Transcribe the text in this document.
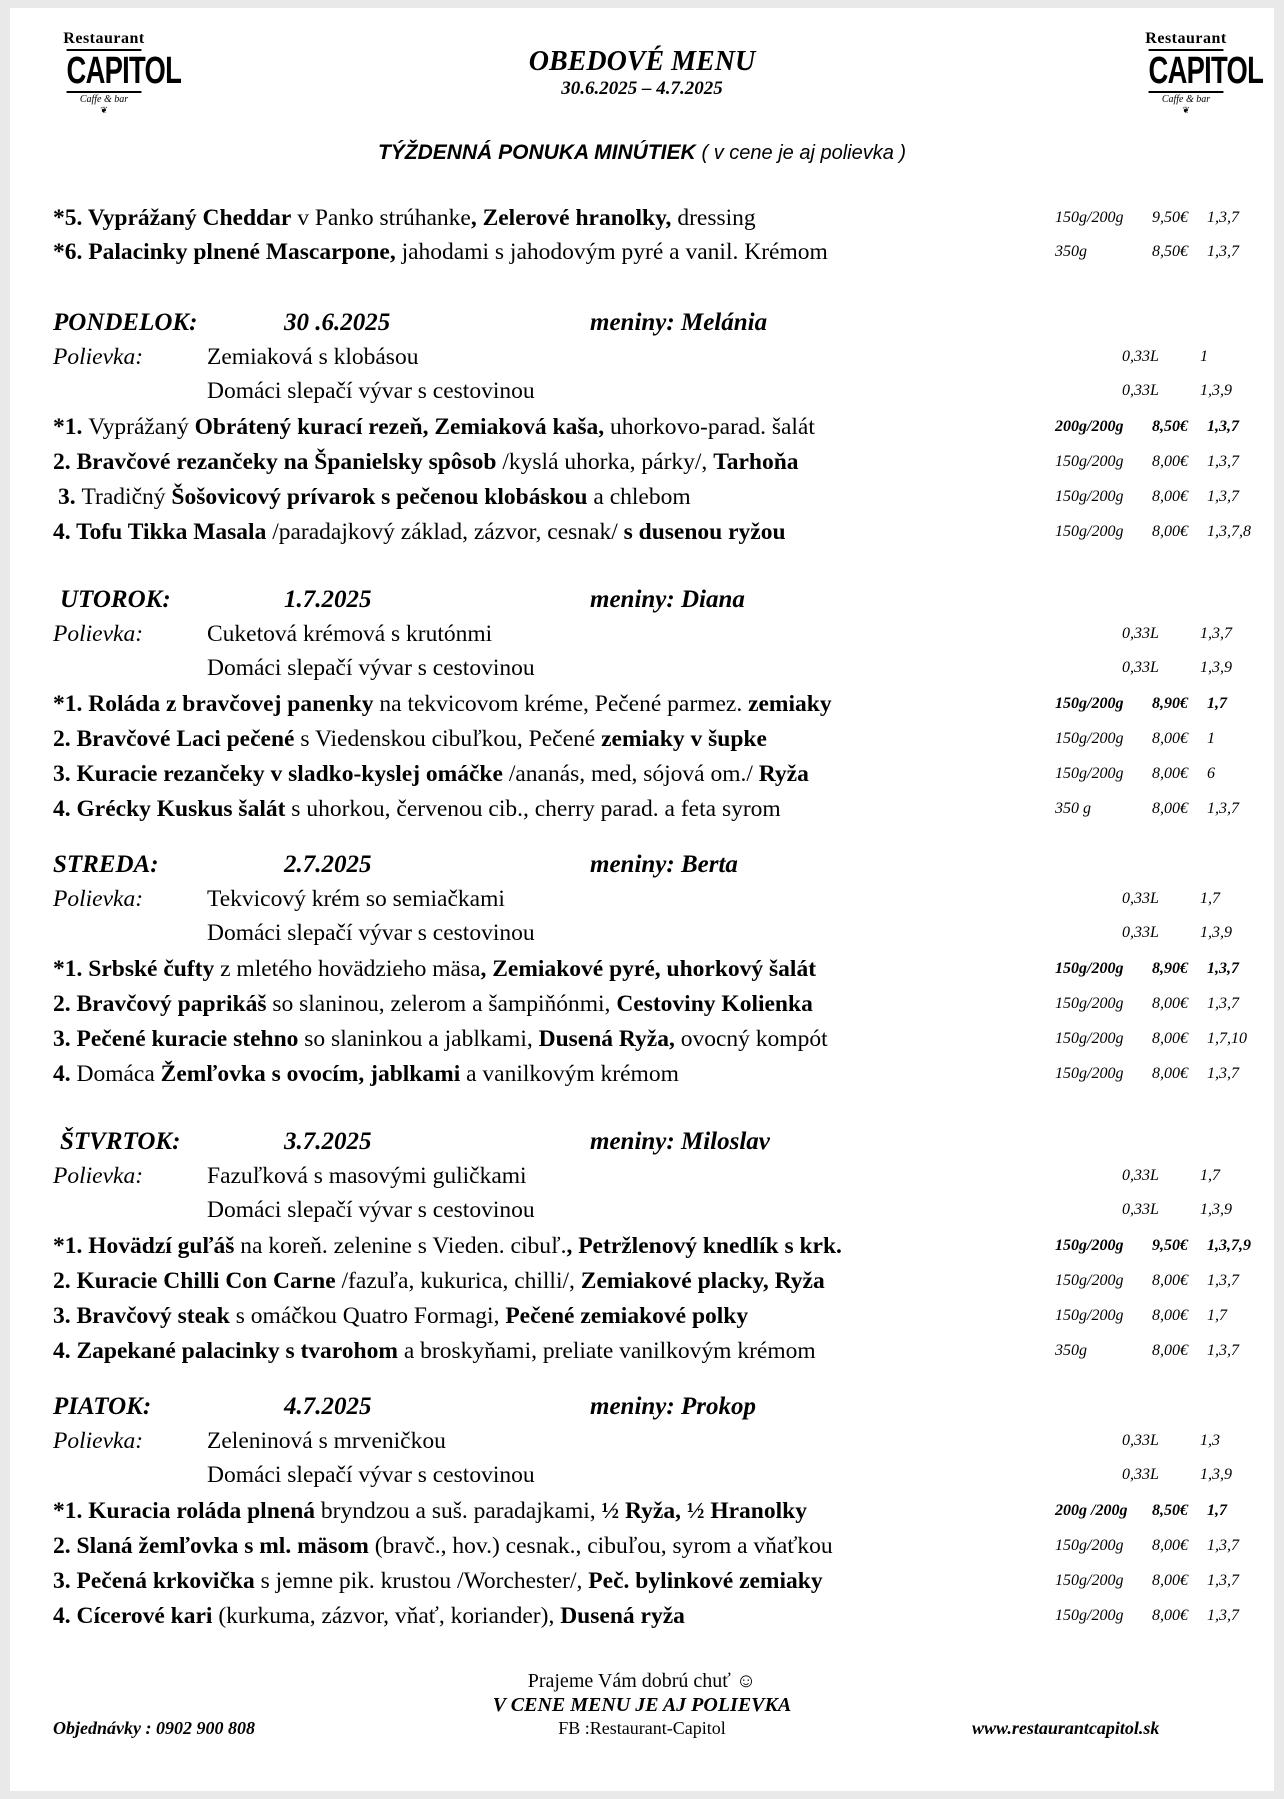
Restaurant
CAPITOL
Caffe & bar
❦
Restaurant
CAPITOL
Caffe & bar
❦
OBEDOVÉ MENU
30.6.2025 – 4.7.2025
TÝŽDENNÁ PONUKA MINÚTIEK ( v cene je aj polievka )
*5. Vyprážaný Cheddar v Panko strúhanke, Zelerové hranolky, dressing	150g/200g 9,50€ 1,3,7
*6. Palacinky plnené Mascarpone, jahodami s jahodovým pyré a vanil. Krémom	350g	8,50€ 1,3,7
PONDELOK:	30 .6.2025	meniny: Melánia
Polievka:	Zemiaková s klobásou	0,33L	1
Domáci slepačí vývar s cestovinou	0,33L	1,3,9
*1. Vyprážaný Obrátený kurací rezeň, Zemiaková kaša, uhorkovo-parad. šalát	200g/200g 8,50€ 1,3,7
2. Bravčové rezančeky na Španielsky spôsob /kyslá uhorka, párky/, Tarhoňa	150g/200g 8,00€ 1,3,7
3. Tradičný Šošovicový prívarok s pečenou klobáskou a chlebom	150g/200g 8,00€ 1,3,7
4. Tofu Tikka Masala /paradajkový základ, zázvor, cesnak/ s dusenou ryžou	150g/200g 8,00€ 1,3,7,8
UTOROK:	1.7.2025	meniny: Diana
Polievka:	Cuketová krémová s krutónmi	0,33L	1,3,7
Domáci slepačí vývar s cestovinou	0,33L	1,3,9
*1. Roláda z bravčovej panenky na tekvicovom kréme, Pečené parmez. zemiaky	150g/200g 8,90€ 1,7
2. Bravčové Laci pečené s Viedenskou cibuľkou, Pečené zemiaky v šupke	150g/200g 8,00€ 1
3. Kuracie rezančeky v sladko-kyslej omáčke /ananás, med, sójová om./ Ryža	150g/200g 8,00€ 6
4. Grécky Kuskus šalát s uhorkou, červenou cib., cherry parad. a feta syrom	350 g	8,00€ 1,3,7
STREDA:	2.7.2025	meniny: Berta
Polievka:	Tekvicový krém so semiačkami	0,33L	1,7
Domáci slepačí vývar s cestovinou	0,33L	1,3,9
*1. Srbské čufty z mletého hovädzieho mäsa, Zemiakové pyré, uhorkový šalát	150g/200g 8,90€ 1,3,7
2. Bravčový paprikáš so slaninou, zelerom a šampiňónmi, Cestoviny Kolienka	150g/200g 8,00€ 1,3,7
3. Pečené kuracie stehno so slaninkou a jablkami, Dusená Ryža, ovocný kompót	150g/200g 8,00€ 1,7,10
4. Domáca Žemľovka s ovocím, jablkami a vanilkovým krémom	150g/200g 8,00€ 1,3,7
ŠTVRTOK:	3.7.2025	meniny: Miloslav
Polievka:	Fazuľková s masovými guličkami	0,33L	1,7
Domáci slepačí vývar s cestovinou	0,33L	1,3,9
*1. Hovädzí guľáš na koreň. zelenine s Vieden. cibuľ., Petržlenový knedlík s krk.	150g/200g 9,50€ 1,3,7,9
2. Kuracie Chilli Con Carne /fazuľa, kukurica, chilli/, Zemiakové placky, Ryža	150g/200g 8,00€ 1,3,7
3. Bravčový steak s omáčkou Quatro Formagi, Pečené zemiakové polky	150g/200g 8,00€ 1,7
4. Zapekané palacinky s tvarohom a broskyňami, preliate vanilkovým krémom	350g	8,00€ 1,3,7
PIATOK:	4.7.2025	meniny: Prokop
Polievka:	Zeleninová s mrveničkou	0,33L	1,3
Domáci slepačí vývar s cestovinou	0,33L	1,3,9
*1. Kuracia roláda plnená bryndzou a suš. paradajkami, ½ Ryža, ½ Hranolky	200g /200g 8,50€ 1,7
2. Slaná žemľovka s ml. mäsom (bravč., hov.) cesnak., cibuľou, syrom a vňaťkou	150g/200g 8,00€ 1,3,7
3. Pečená krkovička s jemne pik. krustou /Worchester/, Peč. bylinkové zemiaky	150g/200g 8,00€ 1,3,7
4. Cícerové kari (kurkuma, zázvor, vňať, koriander), Dusená ryža	150g/200g 8,00€ 1,3,7
Prajeme Vám dobrú chuť ☺
V CENE MENU JE AJ POLIEVKA
FB :Restaurant-Capitol
Objednávky : 0902 900 808	www.restaurantcapitol.sk
